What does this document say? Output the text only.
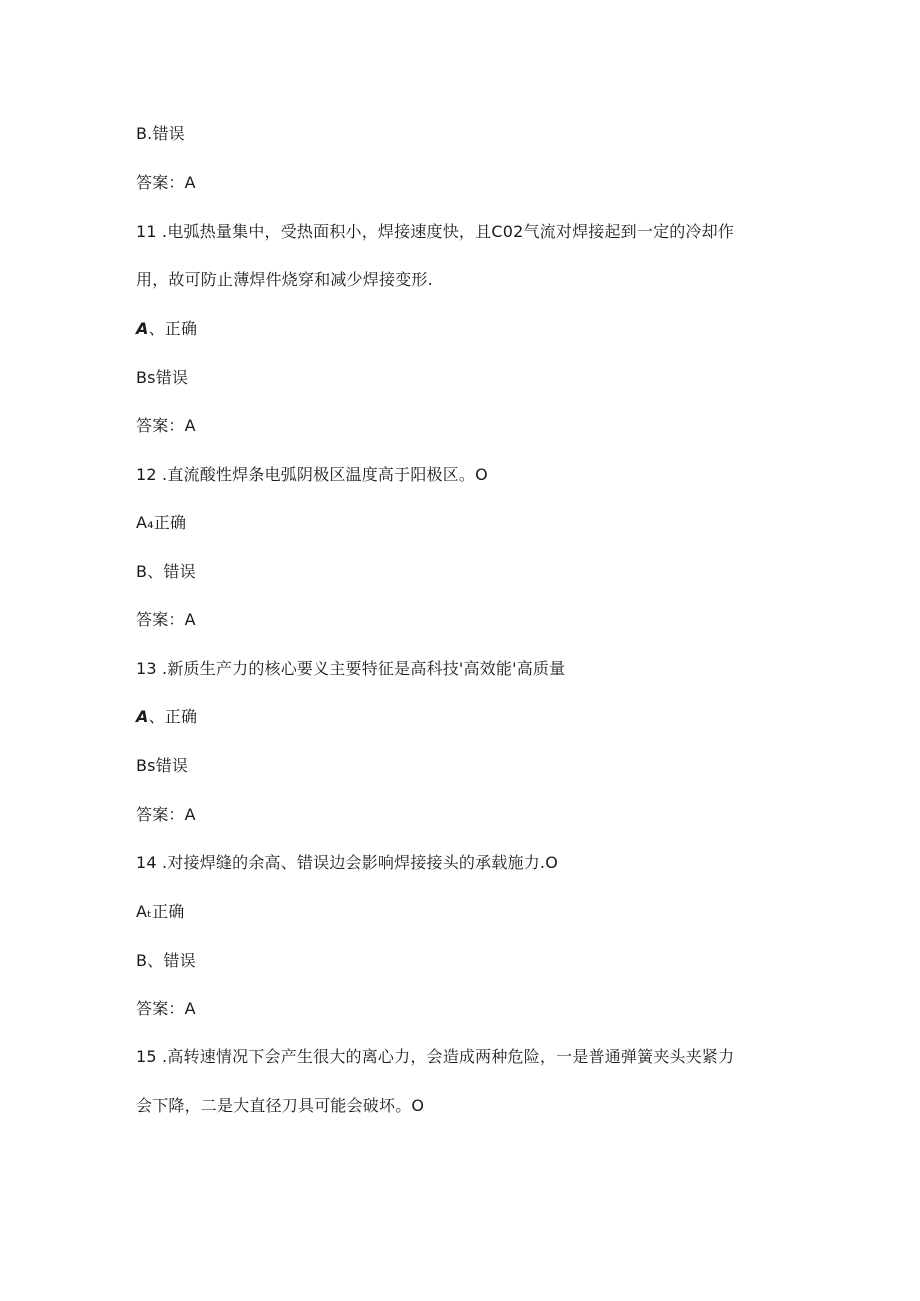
B.错误
答案：A
11 .电弧热量集中，受热面积小，焊接速度快，且C02气流对焊接起到一定的冷却作
用，故可防止薄焊件烧穿和减少焊接变形.
A、正确
Bs错误
答案：A
12 .直流酸性焊条电弧阴极区温度高于阳极区。O
A₄正确
B、错误
答案：A
13 .新质生产力的核心要义主要特征是高科技'高效能'高质量
A、正确
Bs错误
答案：A
14 .对接焊缝的余高、错误边会影响焊接接头的承载施力.O
Aₜ正确
B、错误
答案：A
15 .高转速情况下会产生很大的离心力，会造成两种危险，一是普通弹簧夹头夹紧力
会下降，二是大直径刀具可能会破坏。O
